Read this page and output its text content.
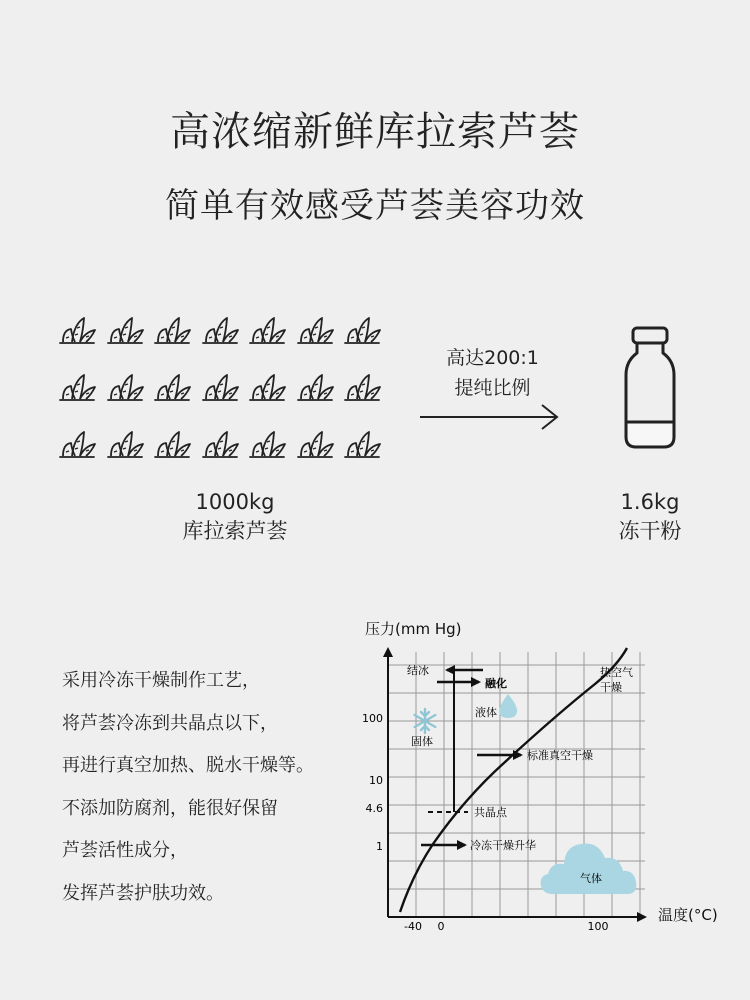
高浓缩新鲜库拉索芦荟
简单有效感受芦荟美容功效
高达200:1
提纯比例
1000kg
库拉索芦荟
1.6kg
冻干粉
采用冷冻干燥制作工艺，
将芦荟冷冻到共晶点以下，
再进行真空加热、脱水干燥等。
不添加防腐剂，能很好保留
芦荟活性成分，
发挥芦荟护肤功效。
压力(mm Hg)
温度(°C)
100
10
4.6
1
-40 0	100
结冰
融化
液体
固体
热空气 干燥
标准真空干燥
共晶点
冷冻干燥升华
气体
